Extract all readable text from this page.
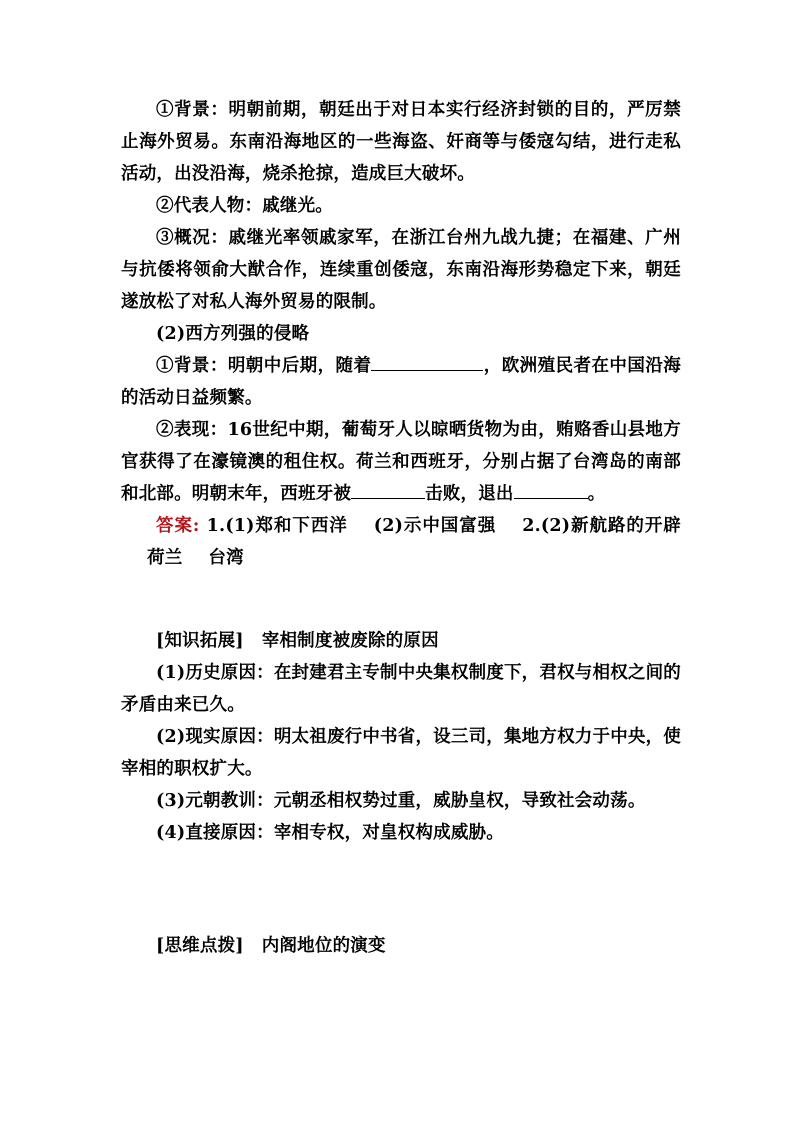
①背景：明朝前期，朝廷出于对日本实行经济封锁的目的，严厉禁止海外贸易。东南沿海地区的一些海盗、奸商等与倭寇勾结，进行走私活动，出没沿海，烧杀抢掠，造成巨大破坏。

②代表人物：戚继光。

③概况：戚继光率领戚家军，在浙江台州九战九捷；在福建、广州与抗倭将领俞大猷合作，连续重创倭寇，东南沿海形势稳定下来，朝廷遂放松了对私人海外贸易的限制。

(2)西方列强的侵略

①背景：明朝中后期，随着	，欧洲殖民者在中国沿海的活动日益频繁。

②表现：16世纪中期，葡萄牙人以晾晒货物为由，贿赂香山县地方官获得了在濠镜澳的租住权。荷兰和西班牙，分别占据了台湾岛的南部和北部。明朝末年，西班牙被	击败，退出	。

答案: 1.(1)郑和下西洋 (2)示中国富强 2.(2)新航路的开辟荷兰 台湾

[知识拓展] 宰相制度被废除的原因

(1)历史原因：在封建君主专制中央集权制度下，君权与相权之间的矛盾由来已久。

(2)现实原因：明太祖废行中书省，设三司，集地方权力于中央，使宰相的职权扩大。

(3)元朝教训：元朝丞相权势过重，威胁皇权，导致社会动荡。

(4)直接原因：宰相专权，对皇权构成威胁。

[思维点拨] 内阁地位的演变
